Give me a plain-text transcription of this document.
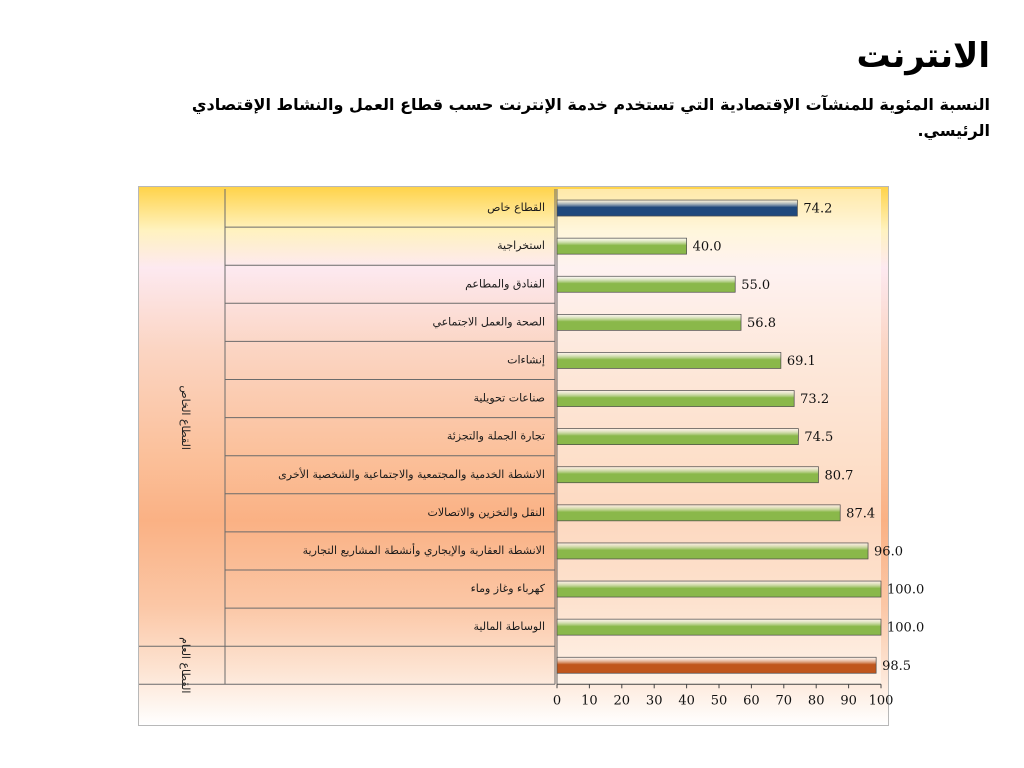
الانترنت

النسبة المئوية للمنشآت الإقتصادية التي تستخدم خدمة الإنترنت حسب قطاع العمل والنشاط الإقتصادي الرئيسي.

القطاع الخاص
القطاع العام
القطاع خاص
استخراجية
الفنادق والمطاعم
الصحة والعمل الاجتماعي
إنشاءات
صناعات تحويلية
تجارة الجملة والتجزئة
الانشطة الخدمية والمجتمعية والاجتماعية والشخصية الأخرى
النقل والتخزين والاتصالات
الانشطة العقارية والإيجاري وأنشطة المشاريع التجارية
كهرباء وغاز وماء
الوساطة المالية
74.2
40.0
55.0
56.8
69.1
73.2
74.5
80.7
87.4
96.0
100.0
100.0
98.5
0 10 20 30 40 50 60 70 80 90 100
